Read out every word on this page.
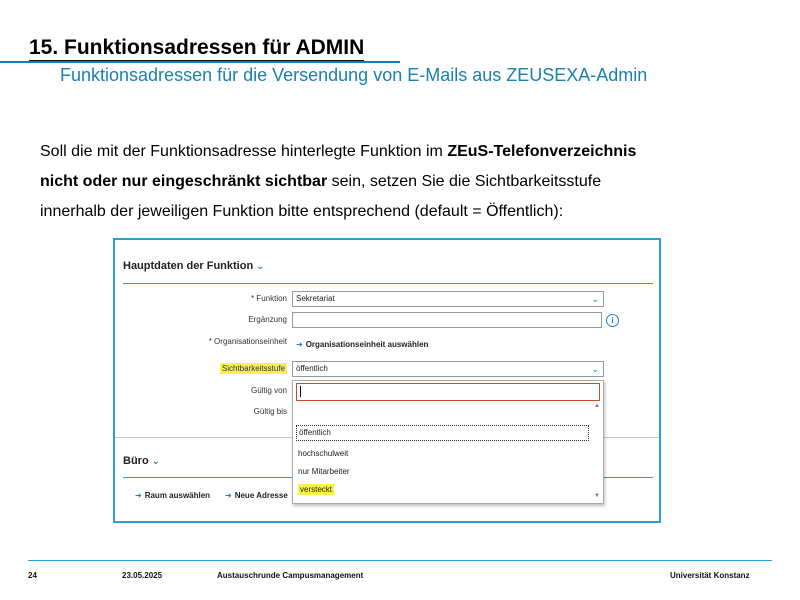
15. Funktionsadressen für ADMIN
Funktionsadressen für die Versendung von E-Mails aus ZEUSEXA-Admin
Soll die mit der Funktionsadresse hinterlegte Funktion im ZEuS-Telefonverzeichnis
nicht oder nur eingeschränkt sichtbar sein, setzen Sie die Sichtbarkeitsstufe
innerhalb der jeweiligen Funktion bitte entsprechend (default = Öffentlich):
Hauptdaten der Funktion ⌄
* Funktion	Sekretariat	⌄
Ergänzung	i
* Organisationseinheit ➜ Organisationseinheit auswählen
Sichtbarkeitsstufe	öffentlich	⌄
Gültig von
Gültig bis
Büro ⌄
➜ Raum auswählen ➜ Neue Adresse
▲
öffentlich
hochschulweit
nur Mitarbeiter
versteckt
▼
24	23.05.2025	Austauschrunde Campusmanagement	Universität Konstanz
